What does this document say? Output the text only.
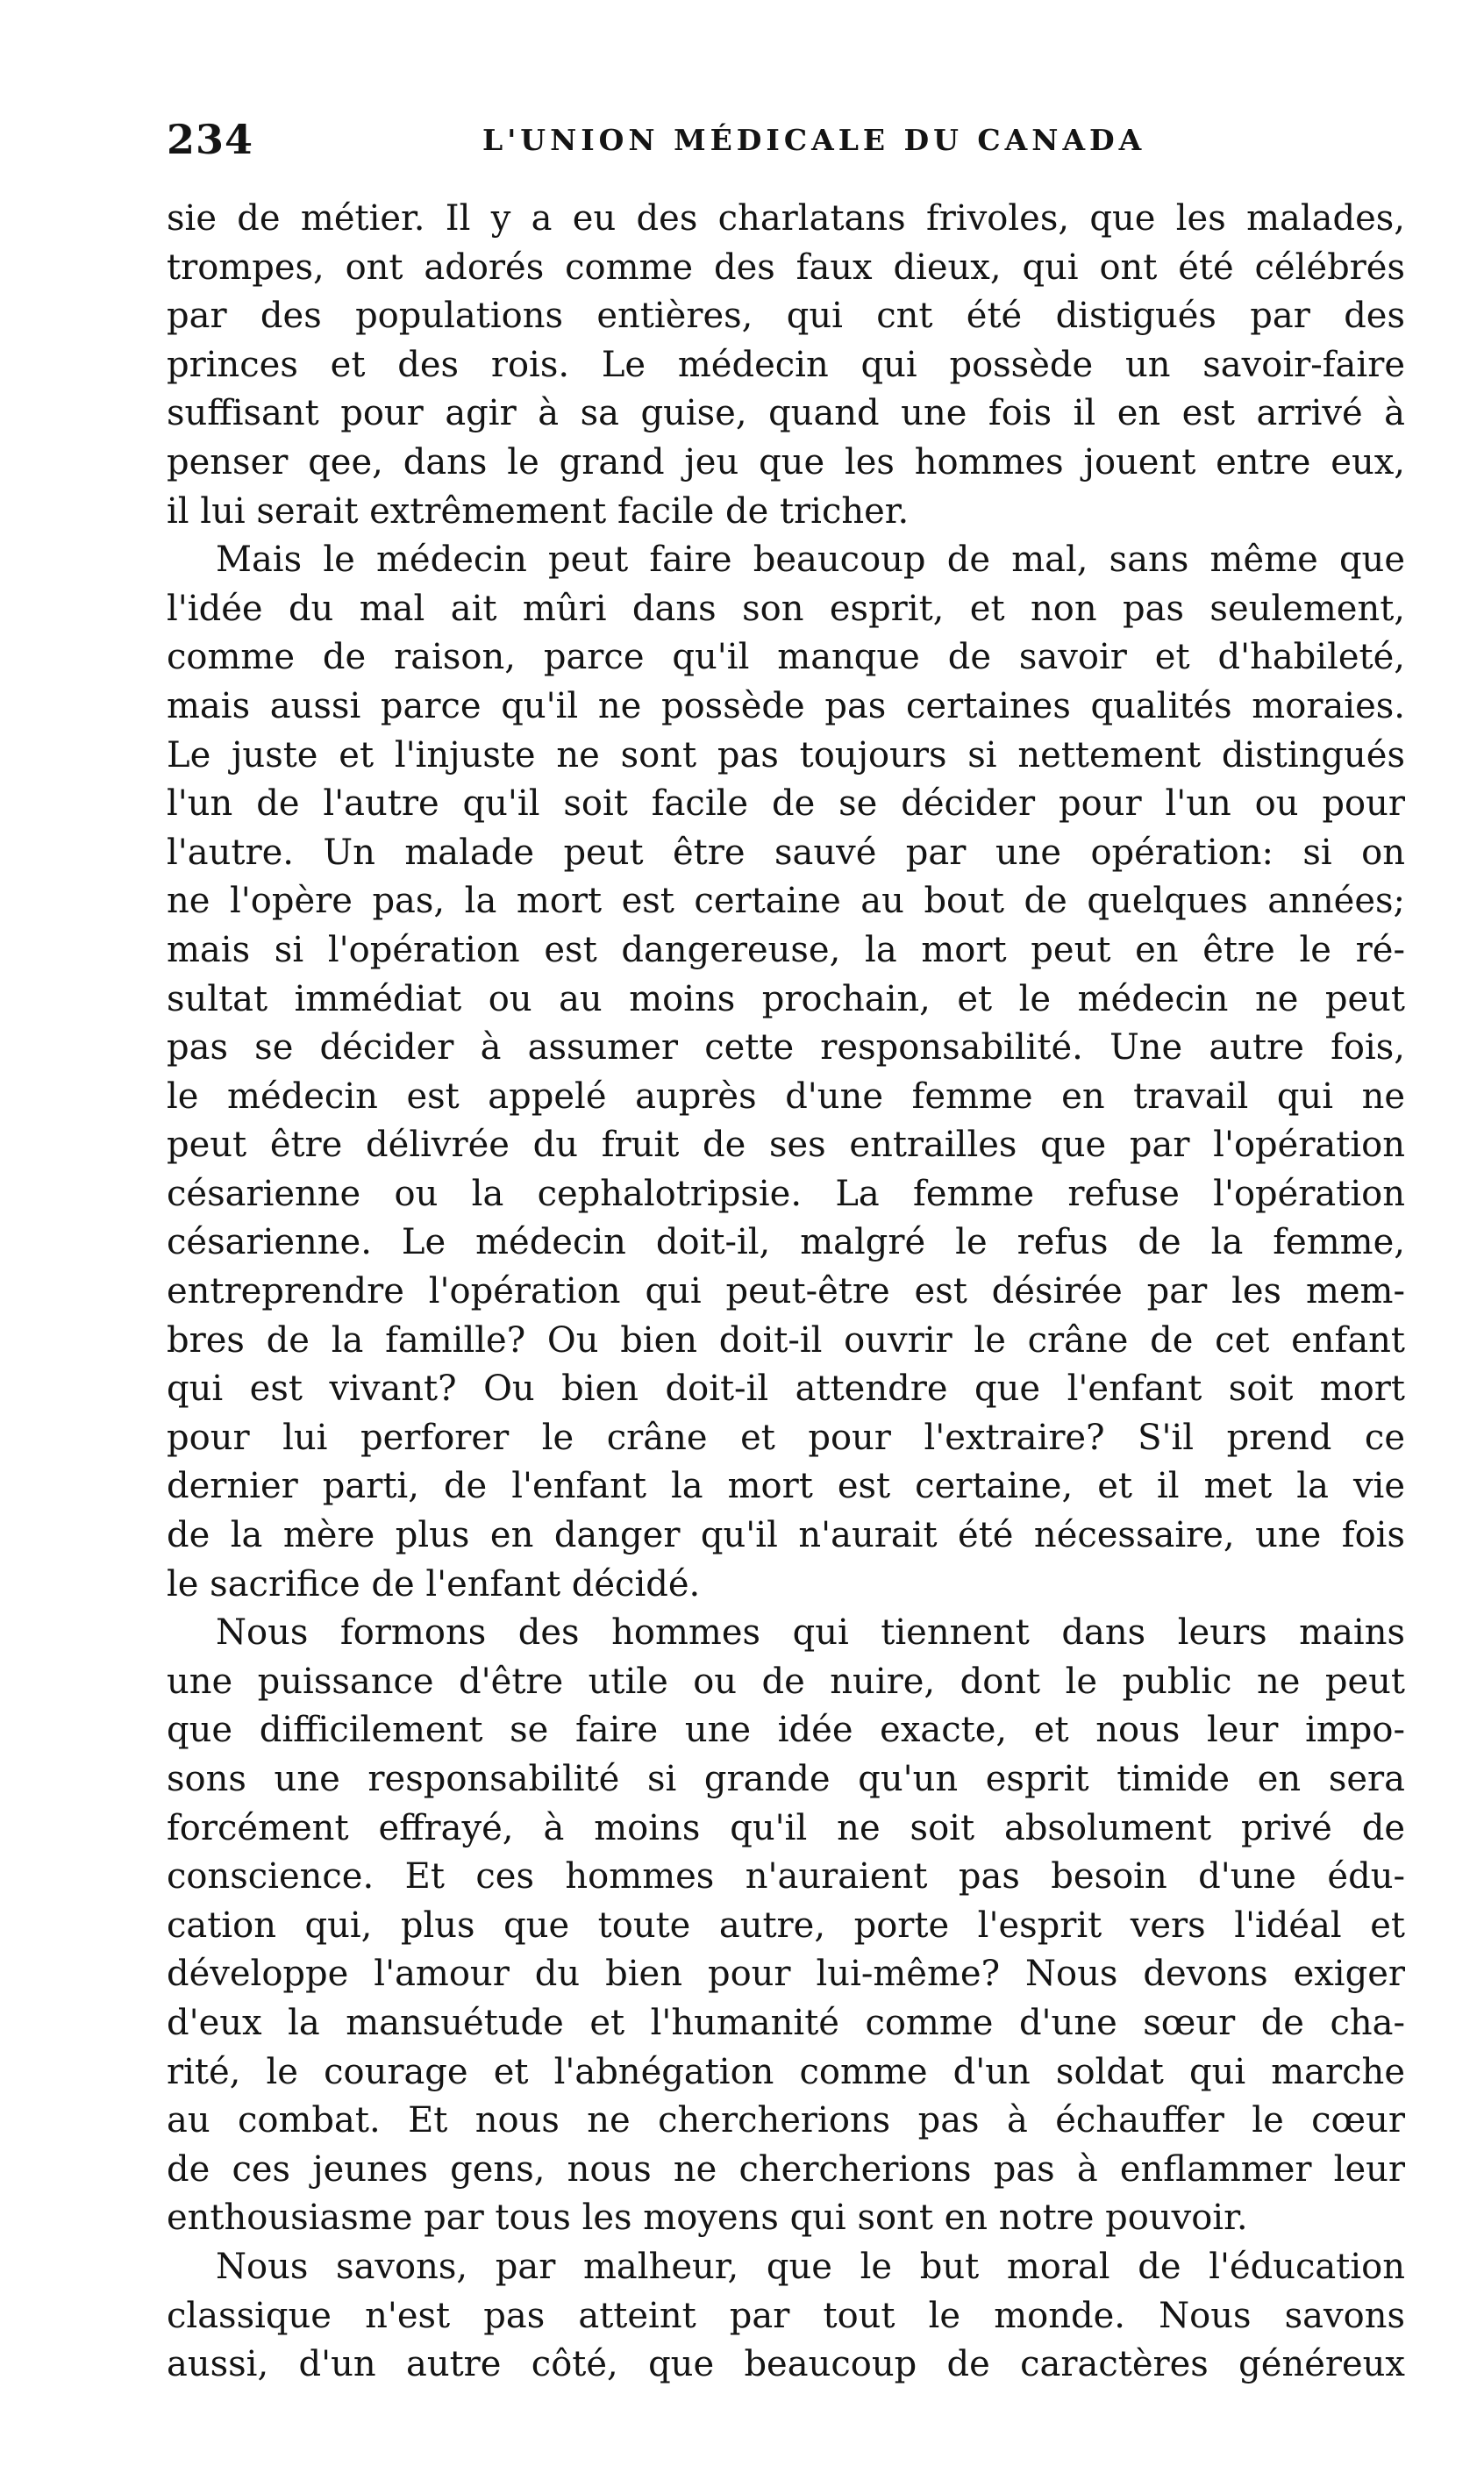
234	L'UNION MÉDICALE DU CANADA
sie de métier. Il y a eu des charlatans frivoles, que les malades,
trompes, ont adorés comme des faux dieux, qui ont été célébrés
par des populations entières, qui cnt été distigués par des
princes et des rois. Le médecin qui possède un savoir-faire
suffisant pour agir à sa guise, quand une fois il en est arrivé à
penser qee, dans le grand jeu que les hommes jouent entre eux,
il lui serait extrêmement facile de tricher.
Mais le médecin peut faire beaucoup de mal, sans même que
l'idée du mal ait mûri dans son esprit, et non pas seulement,
comme de raison, parce qu'il manque de savoir et d'habileté,
mais aussi parce qu'il ne possède pas certaines qualités moraies.
Le juste et l'injuste ne sont pas toujours si nettement distingués
l'un de l'autre qu'il soit facile de se décider pour l'un ou pour
l'autre. Un malade peut être sauvé par une opération: si on
ne l'opère pas, la mort est certaine au bout de quelques années;
mais si l'opération est dangereuse, la mort peut en être le ré-
sultat immédiat ou au moins prochain, et le médecin ne peut
pas se décider à assumer cette responsabilité. Une autre fois,
le médecin est appelé auprès d'une femme en travail qui ne
peut être délivrée du fruit de ses entrailles que par l'opération
césarienne ou la cephalotripsie. La femme refuse l'opération
césarienne. Le médecin doit-il, malgré le refus de la femme,
entreprendre l'opération qui peut-être est désirée par les mem-
bres de la famille? Ou bien doit-il ouvrir le crâne de cet enfant
qui est vivant? Ou bien doit-il attendre que l'enfant soit mort
pour lui perforer le crâne et pour l'extraire? S'il prend ce
dernier parti, de l'enfant la mort est certaine, et il met la vie
de la mère plus en danger qu'il n'aurait été nécessaire, une fois
le sacrifice de l'enfant décidé.
Nous formons des hommes qui tiennent dans leurs mains
une puissance d'être utile ou de nuire, dont le public ne peut
que difficilement se faire une idée exacte, et nous leur impo-
sons une responsabilité si grande qu'un esprit timide en sera
forcément effrayé, à moins qu'il ne soit absolument privé de
conscience. Et ces hommes n'auraient pas besoin d'une édu-
cation qui, plus que toute autre, porte l'esprit vers l'idéal et
développe l'amour du bien pour lui-même? Nous devons exiger
d'eux la mansuétude et l'humanité comme d'une sœur de cha-
rité, le courage et l'abnégation comme d'un soldat qui marche
au combat. Et nous ne chercherions pas à échauffer le cœur
de ces jeunes gens, nous ne chercherions pas à enflammer leur
enthousiasme par tous les moyens qui sont en notre pouvoir.
Nous savons, par malheur, que le but moral de l'éducation
classique n'est pas atteint par tout le monde. Nous savons
aussi, d'un autre côté, que beaucoup de caractères généreux
